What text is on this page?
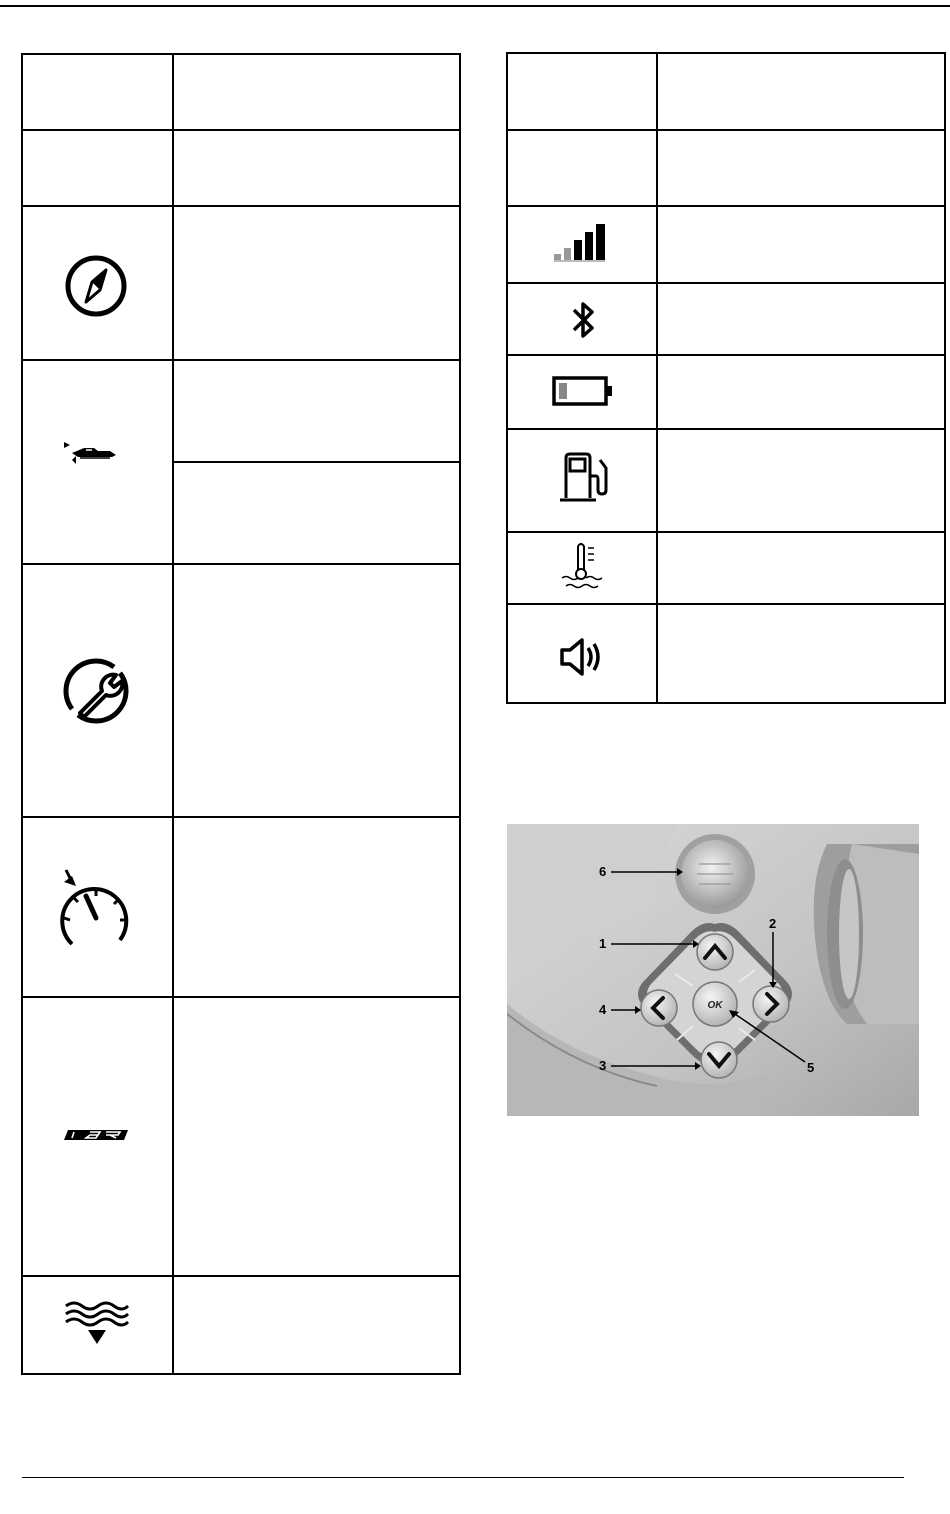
OK
6
1
2
4
3	5
